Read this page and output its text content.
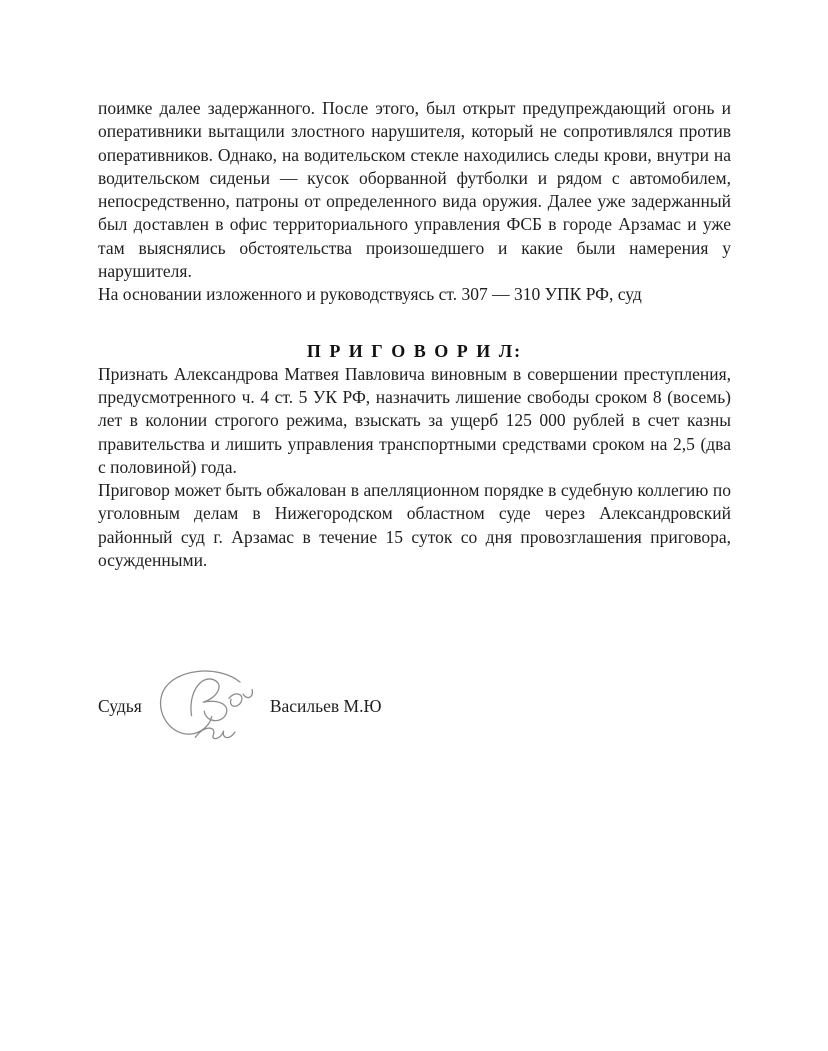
поимке далее задержанного. После этого, был открыт предупреждающий огонь и оперативники вытащили злостного нарушителя, который не сопротивлялся против оперативников. Однако, на водительском стекле находились следы крови, внутри на водительском сиденьи — кусок оборванной футболки и рядом с автомобилем, непосредственно, патроны от определенного вида оружия. Далее уже задержанный был доставлен в офис территориального управления ФСБ в городе Арзамас и уже там выяснялись обстоятельства произошедшего и какие были намерения у нарушителя.

На основании изложенного и руководствуясь ст. 307 — 310 УПК РФ, суд

П Р И Г О В О Р И Л:

Признать Александрова Матвея Павловича виновным в совершении преступления, предусмотренного ч. 4 ст. 5 УК РФ, назначить лишение свободы сроком 8 (восемь) лет в колонии строгого режима, взыскать за ущерб 125 000 рублей в счет казны правительства и лишить управления транспортными средствами сроком на 2,5 (два с половиной) года.

Приговор может быть обжалован в апелляционном порядке в судебную коллегию по уголовным делам в Нижегородском областном суде через Александровский районный суд г. Арзамас в течение 15 суток со дня провозглашения приговора, осужденными.

Судья	Васильев М.Ю
